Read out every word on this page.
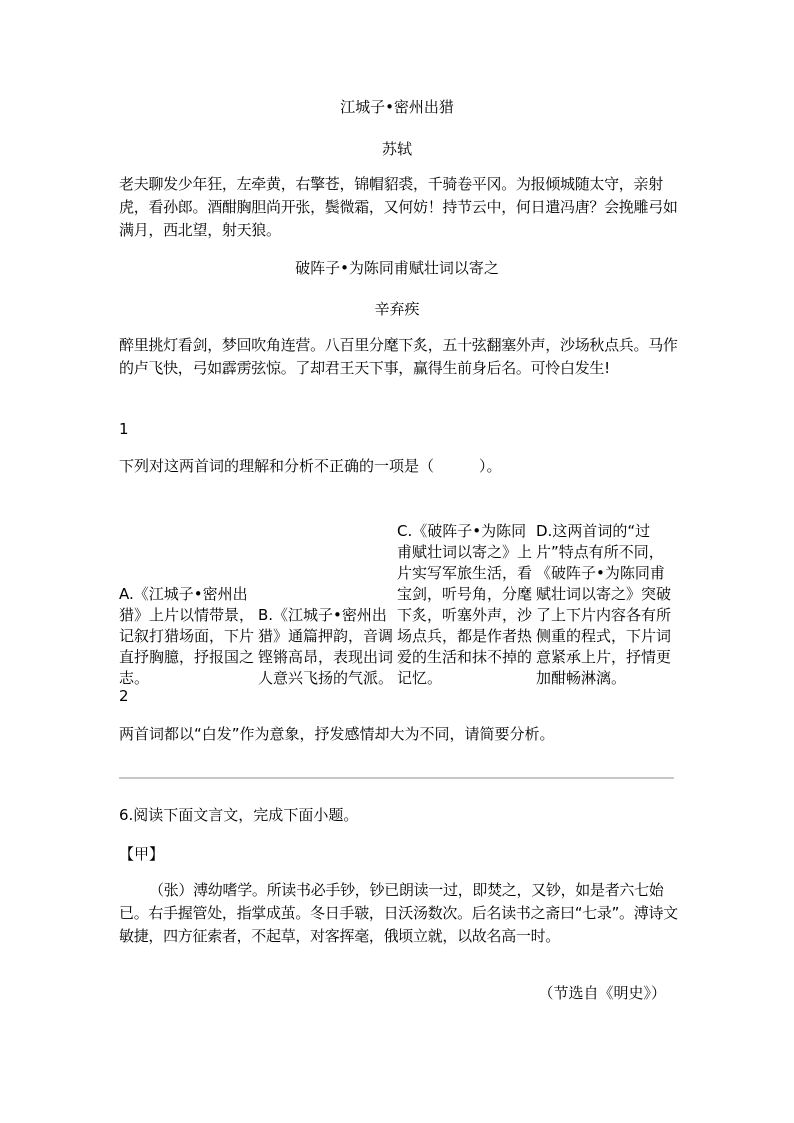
江城子•密州出猎
苏轼
老夫聊发少年狂，左牵黄，右擎苍，锦帽貂裘，千骑卷平冈。为报倾城随太守，亲射虎，看孙郎。酒酣胸胆尚开张，鬓微霜，又何妨！持节云中，何日遣冯唐？会挽雕弓如满月，西北望，射天狼。
破阵子•为陈同甫赋壮词以寄之
辛弃疾
醉里挑灯看剑，梦回吹角连营。八百里分麾下炙，五十弦翻塞外声，沙场秋点兵。马作的卢飞快，弓如霹雳弦惊。了却君王天下事，赢得生前身后名。可怜白发生!
1
下列对这两首词的理解和分析不正确的一项是（　　　）。
A.《江城子•密州出猎》上片以情带景，记叙打猎场面，下片直抒胸臆，抒报国之志。
B.《江城子•密州出猎》通篇押韵，音调铿锵高昂，表现出词人意兴飞扬的气派。
C.《破阵子•为陈同甫赋壮词以寄之》上片实写军旅生活，看宝剑，听号角，分麾下炙，听塞外声，沙场点兵，都是作者热爱的生活和抹不掉的记忆。
D.这两首词的“过片”特点有所不同，《破阵子•为陈同甫赋壮词以寄之》突破了上下片内容各有所侧重的程式，下片词意紧承上片，抒情更加酣畅淋漓。
2
两首词都以“白发”作为意象，抒发感情却大为不同，请简要分析。
6.阅读下面文言文，完成下面小题。
【甲】
（张）溥幼嗜学。所读书必手钞，钞已朗读一过，即焚之，又钞，如是者六七始已。右手握管处，指掌成茧。冬日手皲，日沃汤数次。后名读书之斋曰“七录”。溥诗文敏捷，四方征索者，不起草，对客挥毫，俄顷立就，以故名高一时。
（节选自《明史》）
